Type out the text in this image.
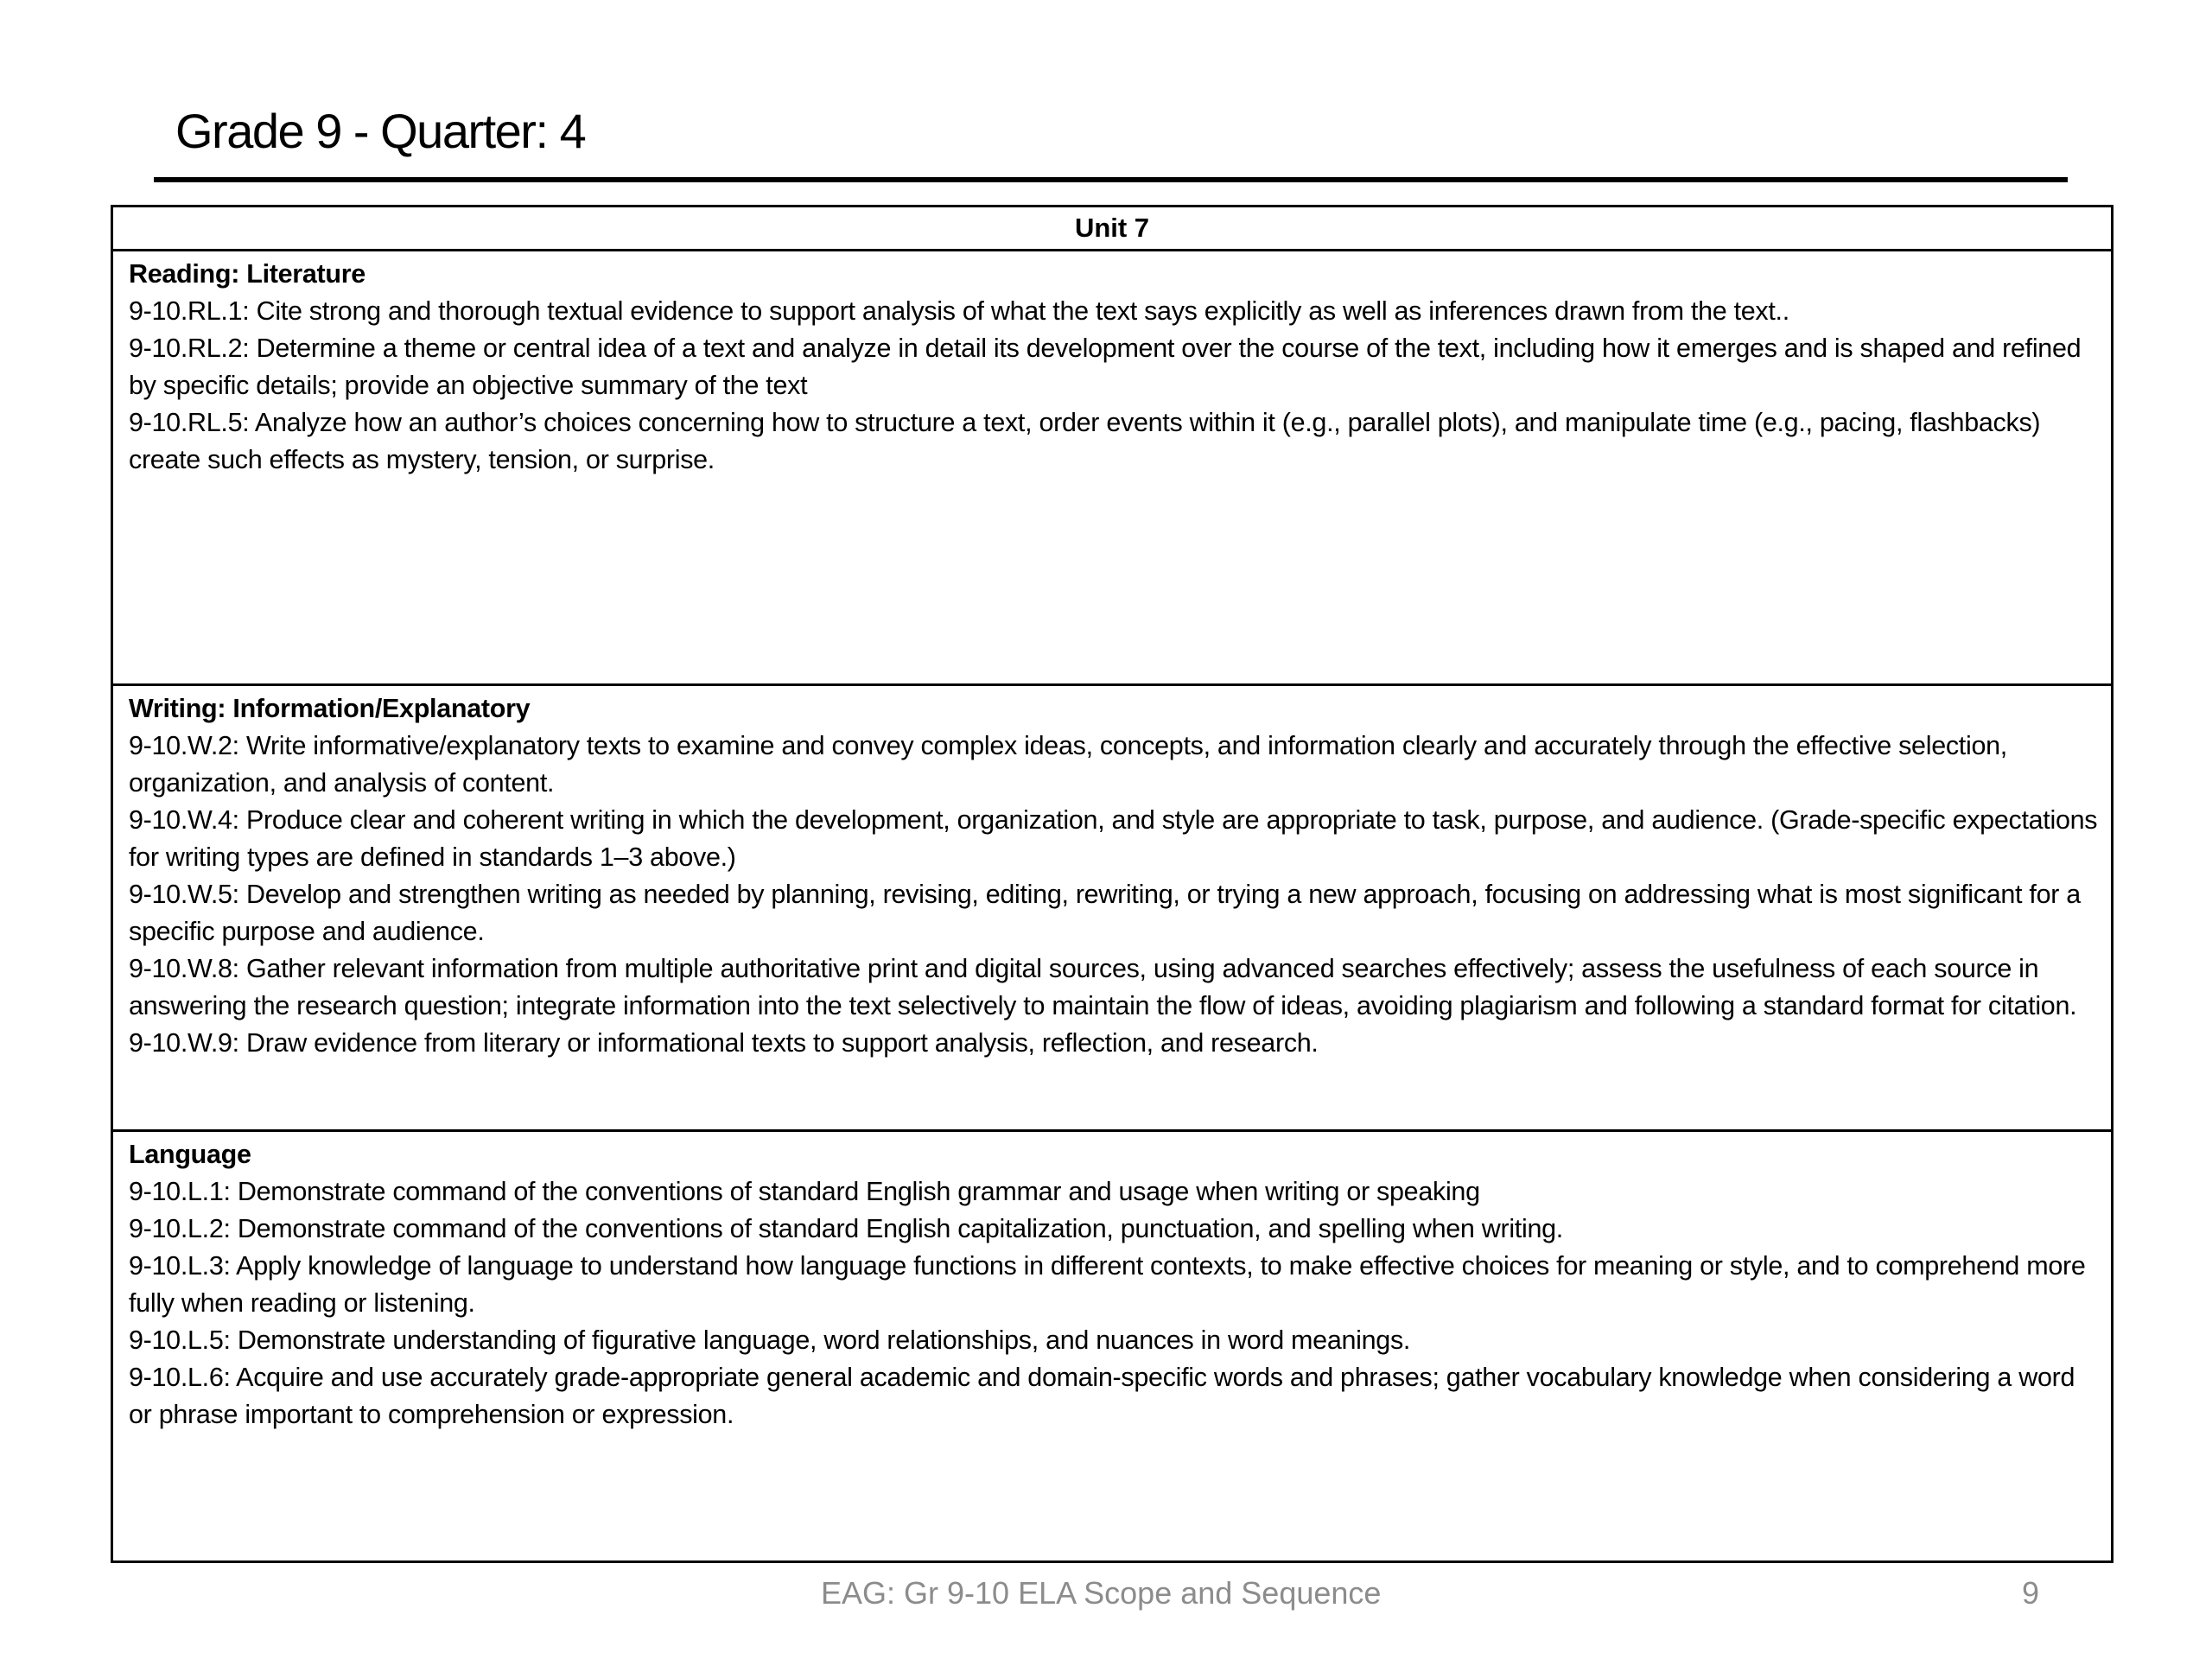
Grade 9 - Quarter: 4
Unit 7
Reading: Literature

9-10.RL.1: Cite strong and thorough textual evidence to support analysis of what the text says explicitly as well as inferences drawn from the text..

9-10.RL.2: Determine a theme or central idea of a text and analyze in detail its development over the course of the text, including how it emerges and is shaped and refined by specific details; provide an objective summary of the text

9-10.RL.5: Analyze how an author’s choices concerning how to structure a text, order events within it (e.g., parallel plots), and manipulate time (e.g., pacing, flashbacks) create such effects as mystery, tension, or surprise.

Writing: Information/Explanatory

9-10.W.2: Write informative/explanatory texts to examine and convey complex ideas, concepts, and information clearly and accurately through the effective selection, organization, and analysis of content.

9-10.W.4: Produce clear and coherent writing in which the development, organization, and style are appropriate to task, purpose, and audience. (Grade-specific expectations for writing types are defined in standards 1–3 above.)

9-10.W.5: Develop and strengthen writing as needed by planning, revising, editing, rewriting, or trying a new approach, focusing on addressing what is most significant for a specific purpose and audience.

9-10.W.8: Gather relevant information from multiple authoritative print and digital sources, using advanced searches effectively; assess the usefulness of each source in answering the research question; integrate information into the text selectively to maintain the flow of ideas, avoiding plagiarism and following a standard format for citation.

9-10.W.9: Draw evidence from literary or informational texts to support analysis, reflection, and research.

Language

9-10.L.1: Demonstrate command of the conventions of standard English grammar and usage when writing or speaking

9-10.L.2: Demonstrate command of the conventions of standard English capitalization, punctuation, and spelling when writing.

9-10.L.3: Apply knowledge of language to understand how language functions in different contexts, to make effective choices for meaning or style, and to comprehend more fully when reading or listening.

9-10.L.5: Demonstrate understanding of figurative language, word relationships, and nuances in word meanings.

9-10.L.6: Acquire and use accurately grade-appropriate general academic and domain-specific words and phrases; gather vocabulary knowledge when considering a word or phrase important to comprehension or expression.

EAG: Gr 9-10 ELA Scope and Sequence	9
